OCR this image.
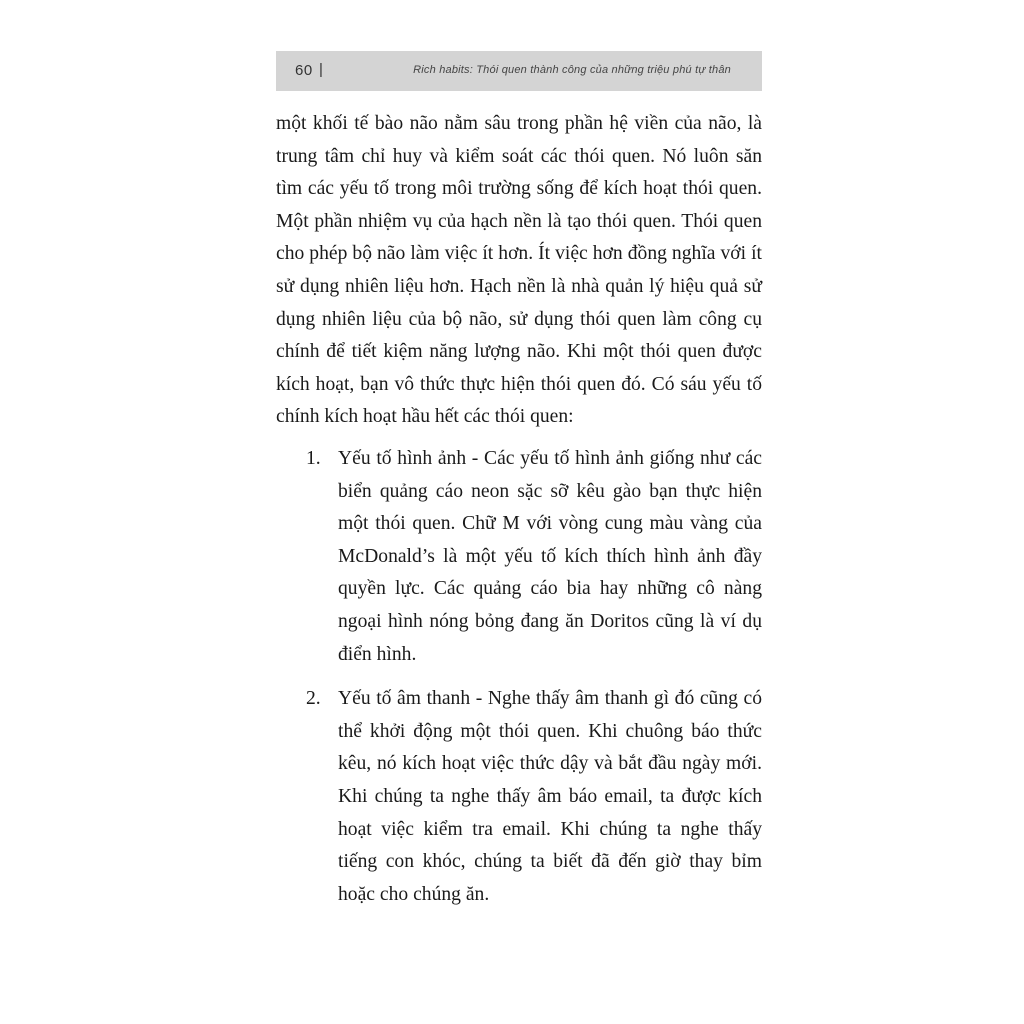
60 |	Rich habits: Thói quen thành công của những triệu phú tự thân

một khối tế bào não nằm sâu trong phần hệ viền của não, là trung tâm chỉ huy và kiểm soát các thói quen. Nó luôn săn tìm các yếu tố trong môi trường sống để kích hoạt thói quen. Một phần nhiệm vụ của hạch nền là tạo thói quen. Thói quen cho phép bộ não làm việc ít hơn. Ít việc hơn đồng nghĩa với ít sử dụng nhiên liệu hơn. Hạch nền là nhà quản lý hiệu quả sử dụng nhiên liệu của bộ não, sử dụng thói quen làm công cụ chính để tiết kiệm năng lượng não. Khi một thói quen được kích hoạt, bạn vô thức thực hiện thói quen đó. Có sáu yếu tố chính kích hoạt hầu hết các thói quen:

1. Yếu tố hình ảnh - Các yếu tố hình ảnh giống như các biển quảng cáo neon sặc sỡ kêu gào bạn thực hiện một thói quen. Chữ M với vòng cung màu vàng của McDonald’s là một yếu tố kích thích hình ảnh đầy quyền lực. Các quảng cáo bia hay những cô nàng ngoại hình nóng bỏng đang ăn Doritos cũng là ví dụ điển hình.
2. Yếu tố âm thanh - Nghe thấy âm thanh gì đó cũng có thể khởi động một thói quen. Khi chuông báo thức kêu, nó kích hoạt việc thức dậy và bắt đầu ngày mới. Khi chúng ta nghe thấy âm báo email, ta được kích hoạt việc kiểm tra email. Khi chúng ta nghe thấy tiếng con khóc, chúng ta biết đã đến giờ thay bỉm hoặc cho chúng ăn.
